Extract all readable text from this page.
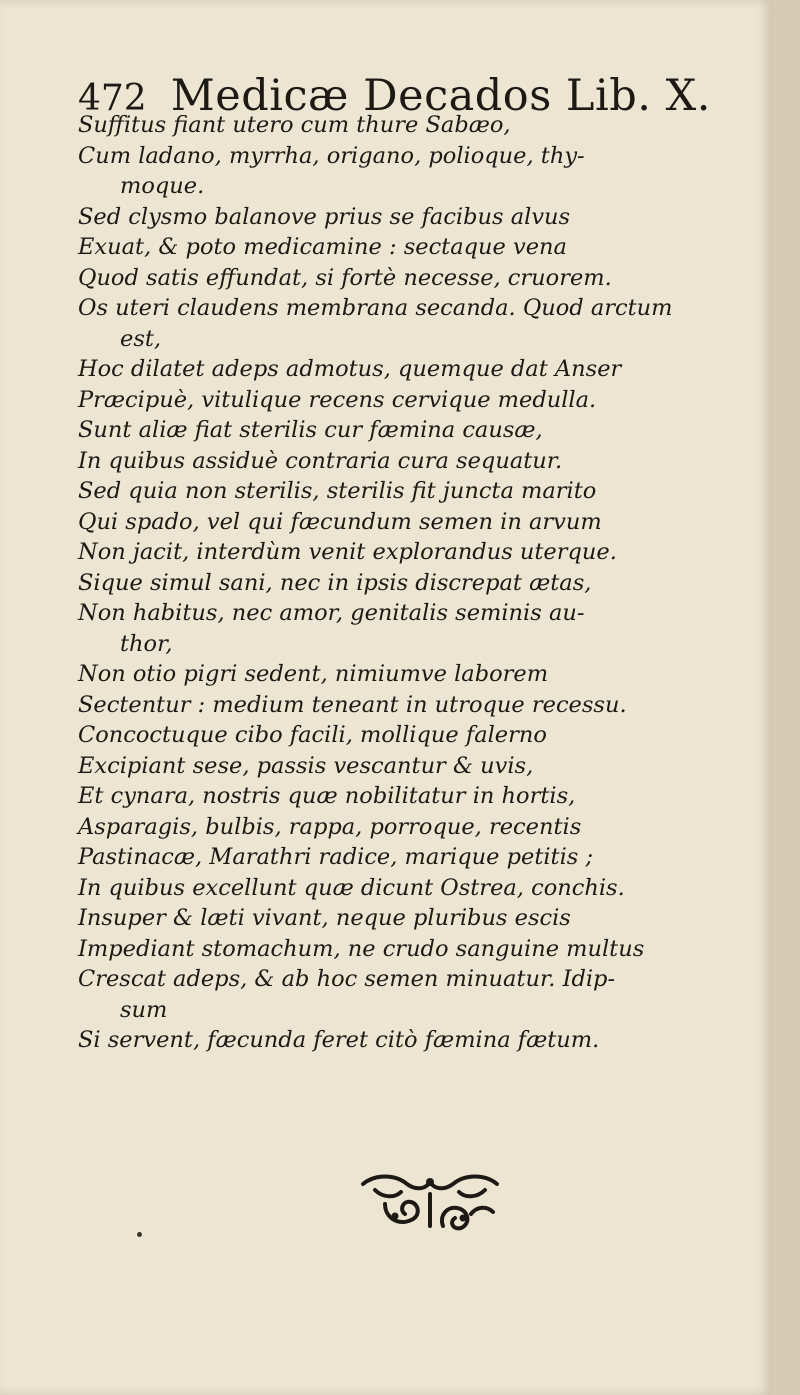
472 Medicæ Decados Lib. X.
Suffitus fiant utero cum thure Sabæo,
Cum ladano, myrrha, origano, polioque, thy-
moque.
Sed clysmo balanove prius se facibus alvus
Exuat, & poto medicamine : sectaque vena
Quod satis effundat, si fortè necesse, cruorem.
Os uteri claudens membrana secanda. Quod arctum
est,
Hoc dilatet adeps admotus, quemque dat Anser
Præcipuè, vitulique recens cervique medulla.
Sunt aliæ fiat sterilis cur fæmina causæ,
In quibus assiduè contraria cura sequatur.
Sed quia non sterilis, sterilis fit juncta marito
Qui spado, vel qui fæcundum semen in arvum
Non jacit, interdùm venit explorandus uterque.
Sique simul sani, nec in ipsis discrepat ætas,
Non habitus, nec amor, genitalis seminis au-
thor,
Non otio pigri sedent, nimiumve laborem
Sectentur : medium teneant in utroque recessu.
Concoctuque cibo facili, mollique falerno
Excipiant sese, passis vescantur & uvis,
Et cynara, nostris quæ nobilitatur in hortis,
Asparagis, bulbis, rappa, porroque, recentis
Pastinacæ, Marathri radice, marique petitis ;
In quibus excellunt quæ dicunt Ostrea, conchis.
Insuper & læti vivant, neque pluribus escis
Impediant stomachum, ne crudo sanguine multus
Crescat adeps, & ab hoc semen minuatur. Idip-
sum
Si servent, fæcunda feret citò fæmina fætum.
